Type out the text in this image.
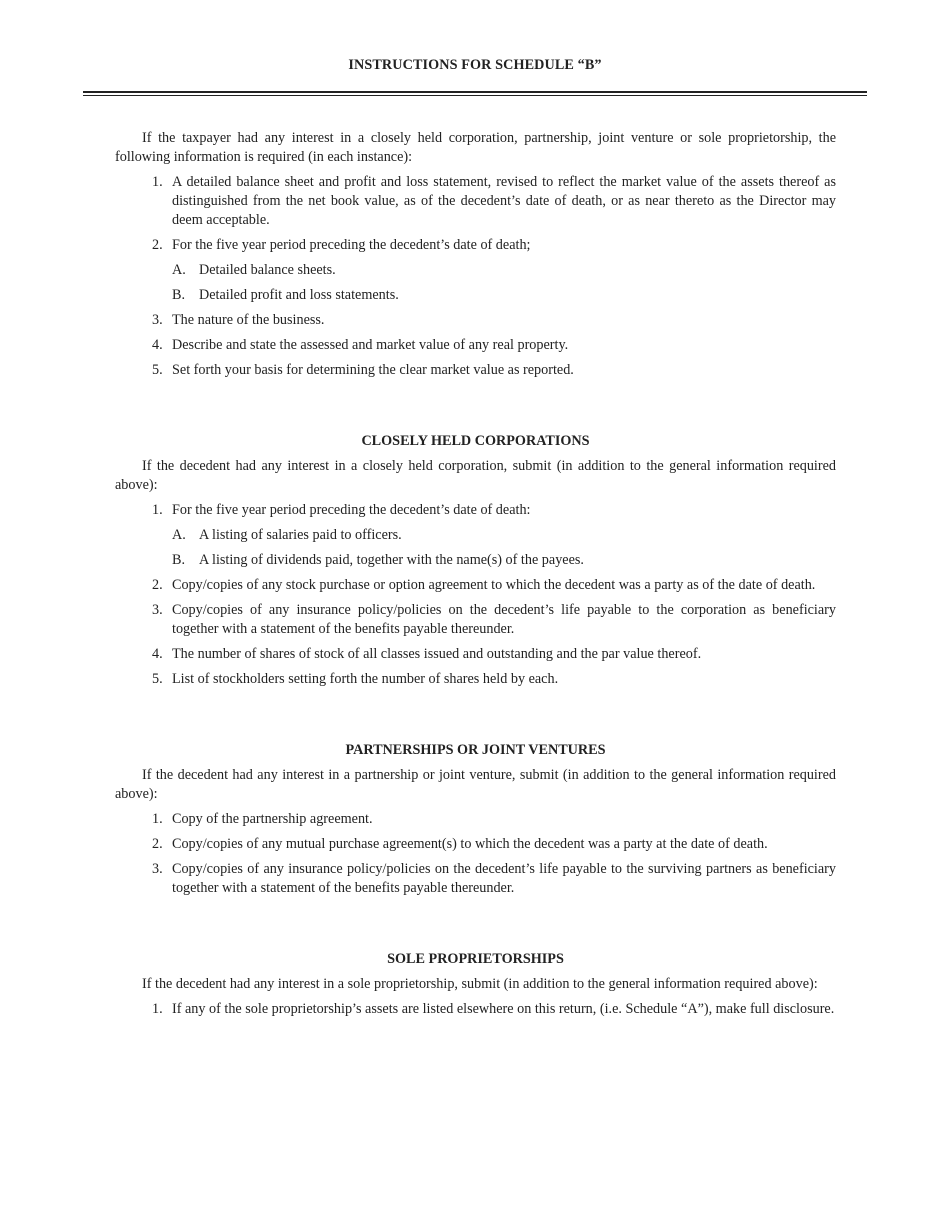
INSTRUCTIONS FOR SCHEDULE “B”

If the taxpayer had any interest in a closely held corporation, partnership, joint venture or sole proprietorship, the following information is required (in each instance):

1. A detailed balance sheet and profit and loss statement, revised to reflect the market value of the assets thereof as distinguished from the net book value, as of the decedent’s date of death, or as near thereto as the Director may deem acceptable.
2. For the five year period preceding the decedent’s date of death;
A. Detailed balance sheets.
B. Detailed profit and loss statements.
3. The nature of the business.
4. Describe and state the assessed and market value of any real property.
5. Set forth your basis for determining the clear market value as reported.
CLOSELY HELD CORPORATIONS

If the decedent had any interest in a closely held corporation, submit (in addition to the general information required above):

1. For the five year period preceding the decedent’s date of death:
A. A listing of salaries paid to officers.
B. A listing of dividends paid, together with the name(s) of the payees.
2. Copy/copies of any stock purchase or option agreement to which the decedent was a party as of the date of death.
3. Copy/copies of any insurance policy/policies on the decedent’s life payable to the corporation as beneficiary together with a statement of the benefits payable thereunder.
4. The number of shares of stock of all classes issued and outstanding and the par value thereof.
5. List of stockholders setting forth the number of shares held by each.
PARTNERSHIPS OR JOINT VENTURES

If the decedent had any interest in a partnership or joint venture, submit (in addition to the general information required above):

1. Copy of the partnership agreement.
2. Copy/copies of any mutual purchase agreement(s) to which the decedent was a party at the date of death.
3. Copy/copies of any insurance policy/policies on the decedent’s life payable to the surviving partners as beneficiary together with a statement of the benefits payable thereunder.
SOLE PROPRIETORSHIPS

If the decedent had any interest in a sole proprietorship, submit (in addition to the general information required above):

1. If any of the sole proprietorship’s assets are listed elsewhere on this return, (i.e. Schedule “A”), make full disclosure.
